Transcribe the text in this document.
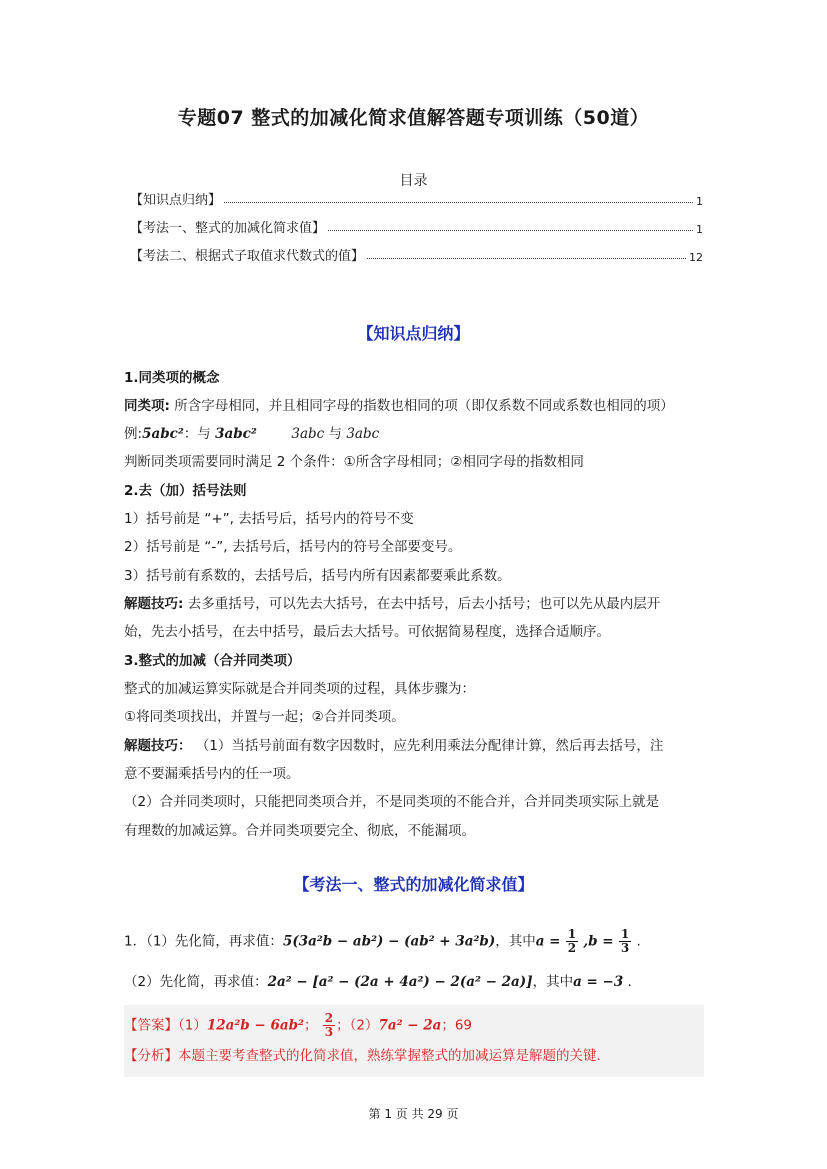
专题07 整式的加减化简求值解答题专项训练（50道）
目录
【知识点归纳】	1
【考法一、整式的加减化简求值】	1
【考法二、根据式子取值求代数式的值】	12
【知识点归纳】
1.同类项的概念
同类项: 所含字母相同，并且相同字母的指数也相同的项（即仅系数不同或系数也相同的项）
例:5abc²：与 3abc²	3abc 与 3abc
判断同类项需要同时满足 2 个条件：①所含字母相同；②相同字母的指数相同
2.去（加）括号法则
1）括号前是 “+”, 去括号后，括号内的符号不变
2）括号前是 “-”, 去括号后，括号内的符号全部要变号。
3）括号前有系数的，去括号后，括号内所有因素都要乘此系数。
解题技巧: 去多重括号，可以先去大括号，在去中括号，后去小括号；也可以先从最内层开
始，先去小括号，在去中括号，最后去大括号。可依据简易程度，选择合适顺序。
3.整式的加减（合并同类项）
整式的加减运算实际就是合并同类项的过程，具体步骤为：
①将同类项找出，并置与一起；②合并同类项。
解题技巧： （1）当括号前面有数字因数时，应先利用乘法分配律计算，然后再去括号，注
意不要漏乘括号内的任一项。
（2）合并同类项时，只能把同类项合并，不是同类项的不能合并，合并同类项实际上就是
有理数的加减运算。合并同类项要完全、彻底，不能漏项。
【考法一、整式的加减化简求值】
1．（1）先化简，再求值：5(3a²b − ab²) − (ab² + 3a²b)，其中$a = \frac{1}{2} ,b = \frac{1}{3}$ .
（2）先化简，再求值：2a² − [a² − (2a + 4a²) − 2(a² − 2a)]，其中a = −3 .
【答案】（1）12a²b − 6ab²； $\frac{2}{3}$ ；（2）7a² − 2a；69
【分析】本题主要考查整式的化简求值，熟练掌握整式的加减运算是解题的关键．
第 1 页 共 29 页
